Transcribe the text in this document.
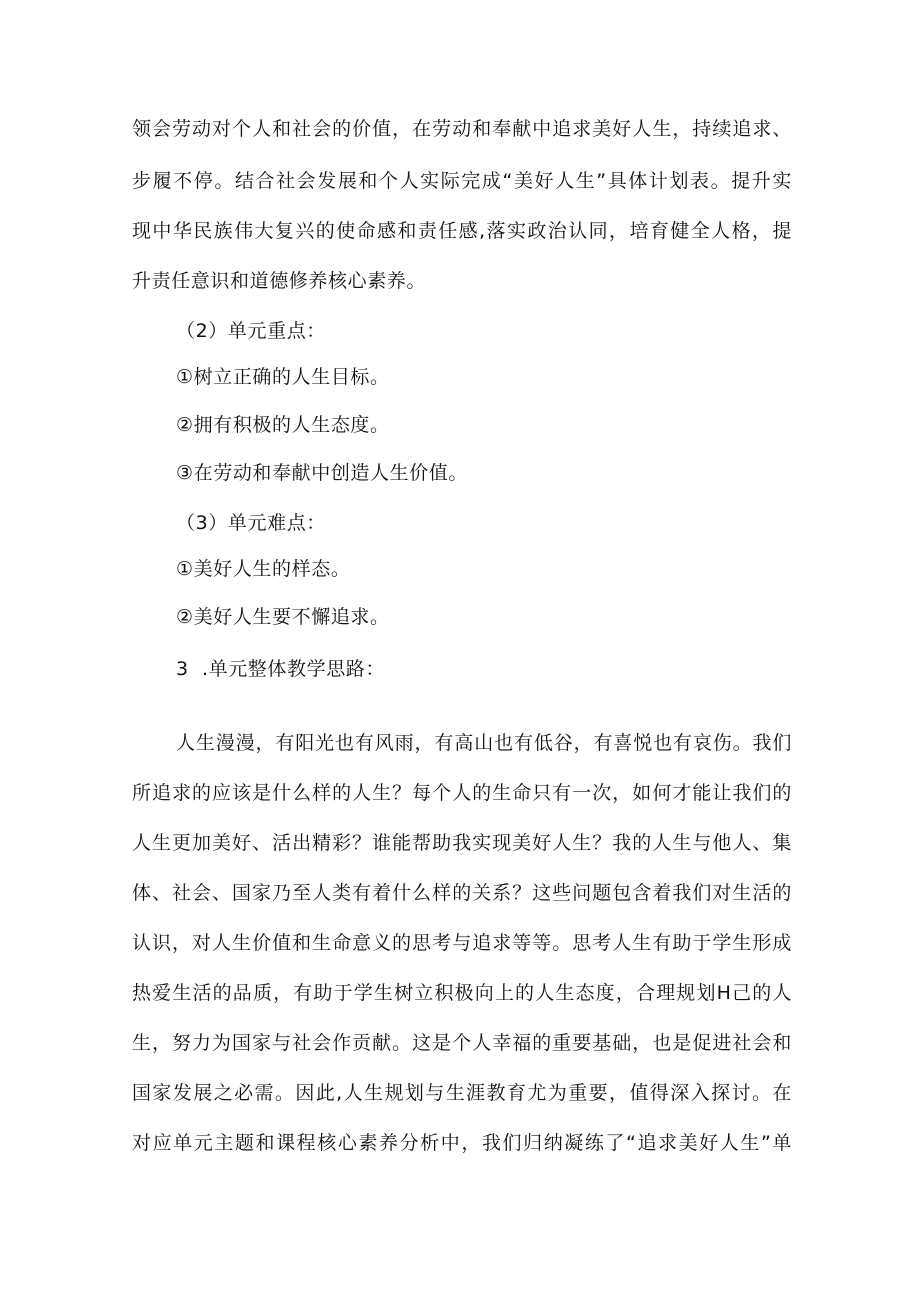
领会劳动对个人和社会的价值，在劳动和奉献中追求美好人生，持续追求、
步履不停。结合社会发展和个人实际完成“美好人生”具体计划表。提升实
现中华民族伟大复兴的使命感和责任感,落实政治认同，培育健全人格，提
升责任意识和道德修养核心素养。
（2）单元重点：
①树立正确的人生目标。
②拥有积极的人生态度。
③在劳动和奉献中创造人生价值。
（3）单元难点：
①美好人生的样态。
②美好人生要不懈追求。
3  .单元整体教学思路：
人生漫漫，有阳光也有风雨，有高山也有低谷，有喜悦也有哀伤。我们
所追求的应该是什么样的人生？每个人的生命只有一次，如何才能让我们的
人生更加美好、活出精彩？谁能帮助我实现美好人生？我的人生与他人、集
体、社会、国家乃至人类有着什么样的关系？这些问题包含着我们对生活的
认识，对人生价值和生命意义的思考与追求等等。思考人生有助于学生形成
热爱生活的品质，有助于学生树立积极向上的人生态度，合理规划H己的人
生，努力为国家与社会作贡献。这是个人幸福的重要基础，也是促进社会和
国家发展之必需。因此,人生规划与生涯教育尤为重要，值得深入探讨。在
对应单元主题和课程核心素养分析中，我们归纳凝练了“追求美好人生”单
